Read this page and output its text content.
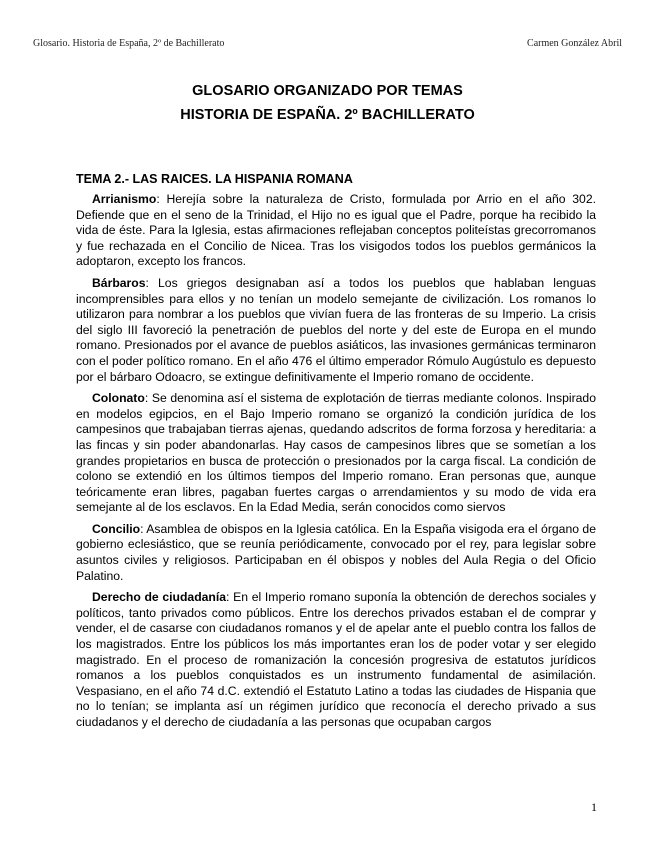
Glosario. Historia de España, 2º de Bachillerato	Carmen González Abril
GLOSARIO ORGANIZADO POR TEMAS
HISTORIA DE ESPAÑA. 2º BACHILLERATO
TEMA 2.- LAS RAICES. LA HISPANIA ROMANA

Arrianismo: Herejía sobre la naturaleza de Cristo, formulada por Arrio en el año 302. Defiende que en el seno de la Trinidad, el Hijo no es igual que el Padre, porque ha recibido la vida de éste. Para la Iglesia, estas afirmaciones reflejaban conceptos politeístas grecorromanos y fue rechazada en el Concilio de Nicea. Tras los visigodos todos los pueblos germánicos la adoptaron, excepto los francos.

Bárbaros: Los griegos designaban así a todos los pueblos que hablaban lenguas incomprensibles para ellos y no tenían un modelo semejante de civilización. Los romanos lo utilizaron para nombrar a los pueblos que vivían fuera de las fronteras de su Imperio. La crisis del siglo III favoreció la penetración de pueblos del norte y del este de Europa en el mundo romano. Presionados por el avance de pueblos asiáticos, las invasiones germánicas terminaron con el poder político romano. En el año 476 el último emperador Rómulo Augústulo es depuesto por el bárbaro Odoacro, se extingue definitivamente el Imperio romano de occidente.

Colonato: Se denomina así el sistema de explotación de tierras mediante colonos. Inspirado en modelos egipcios, en el Bajo Imperio romano se organizó la condición jurídica de los campesinos que trabajaban tierras ajenas, quedando adscritos de forma forzosa y hereditaria: a las fincas y sin poder abandonarlas. Hay casos de campesinos libres que se sometían a los grandes propietarios en busca de protección o presionados por la carga fiscal. La condición de colono se extendió en los últimos tiempos del Imperio romano. Eran personas que, aunque teóricamente eran libres, pagaban fuertes cargas o arrendamientos y su modo de vida era semejante al de los esclavos. En la Edad Media, serán conocidos como siervos

Concilio: Asamblea de obispos en la Iglesia católica. En la España visigoda era el órgano de gobierno eclesiástico, que se reunía periódicamente, convocado por el rey, para legislar sobre asuntos civiles y religiosos. Participaban en él obispos y nobles del Aula Regia o del Oficio Palatino.

Derecho de ciudadanía: En el Imperio romano suponía la obtención de derechos sociales y políticos, tanto privados como públicos. Entre los derechos privados estaban el de comprar y vender, el de casarse con ciudadanos romanos y el de apelar ante el pueblo contra los fallos de los magistrados. Entre los públicos los más importantes eran los de poder votar y ser elegido magistrado. En el proceso de romanización la concesión progresiva de estatutos jurídicos romanos a los pueblos conquistados es un instrumento fundamental de asimilación. Vespasiano, en el año 74 d.C. extendió el Estatuto Latino a todas las ciudades de Hispania que no lo tenían; se implanta así un régimen jurídico que reconocía el derecho privado a sus ciudadanos y el derecho de ciudadanía a las personas que ocupaban cargos

1
